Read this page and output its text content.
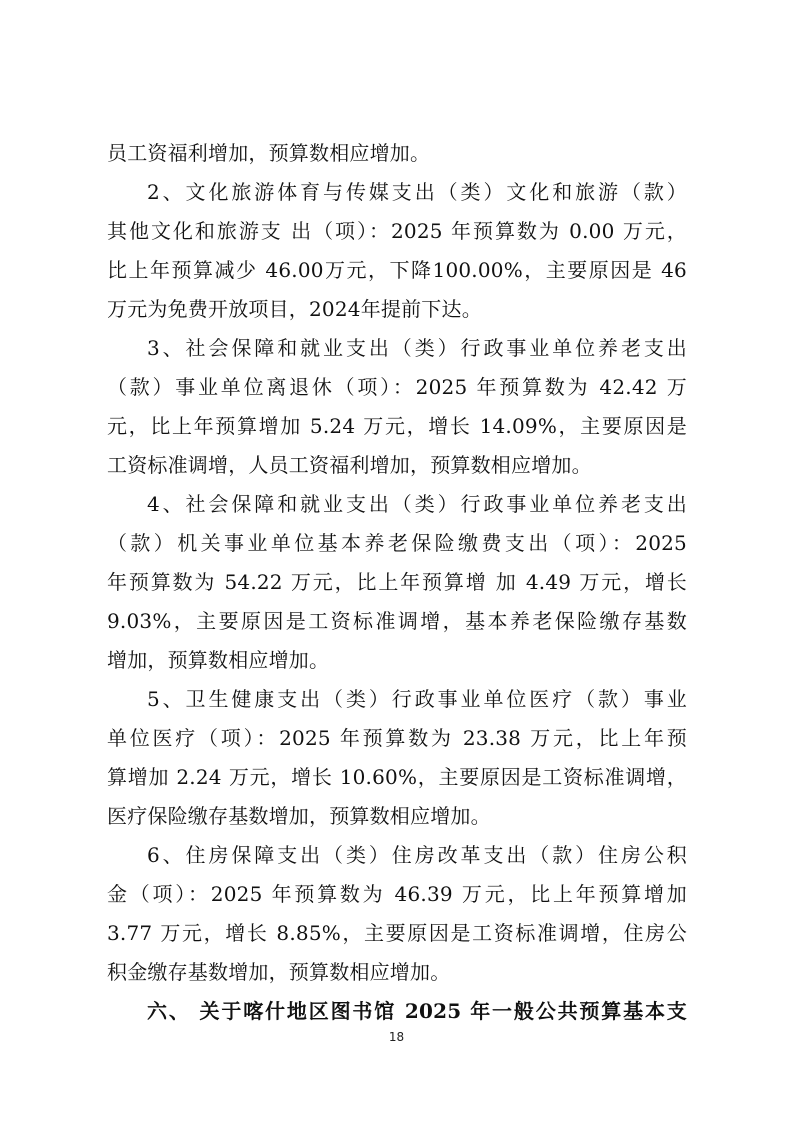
员工资福利增加，预算数相应增加。
2、文化旅游体育与传媒支出（类）文化和旅游（款）
其他文化和旅游支 出（项）：2025 年预算数为 0.00 万元，
比上年预算减少 46.00万元，下降100.00%，主要原因是 46
万元为免费开放项目，2024年提前下达。
3、社会保障和就业支出（类）行政事业单位养老支出
（款）事业单位离退休（项）：2025 年预算数为 42.42 万
元，比上年预算增加 5.24 万元，增长 14.09%，主要原因是
工资标准调增，人员工资福利增加，预算数相应增加。
4、社会保障和就业支出（类）行政事业单位养老支出
（款）机关事业单位基本养老保险缴费支出（项）：2025
年预算数为 54.22 万元，比上年预算增 加 4.49 万元，增长
9.03%，主要原因是工资标准调增，基本养老保险缴存基数
增加，预算数相应增加。
5、卫生健康支出（类）行政事业单位医疗（款）事业
单位医疗（项）：2025 年预算数为 23.38 万元，比上年预
算增加 2.24 万元，增长 10.60%，主要原因是工资标准调增，
医疗保险缴存基数增加，预算数相应增加。
6、住房保障支出（类）住房改革支出（款）住房公积
金（项）：2025 年预算数为 46.39 万元，比上年预算增加
3.77 万元，增长 8.85%，主要原因是工资标准调增，住房公
积金缴存基数增加，预算数相应增加。
六、 关于喀什地区图书馆 2025 年一般公共预算基本支
18
